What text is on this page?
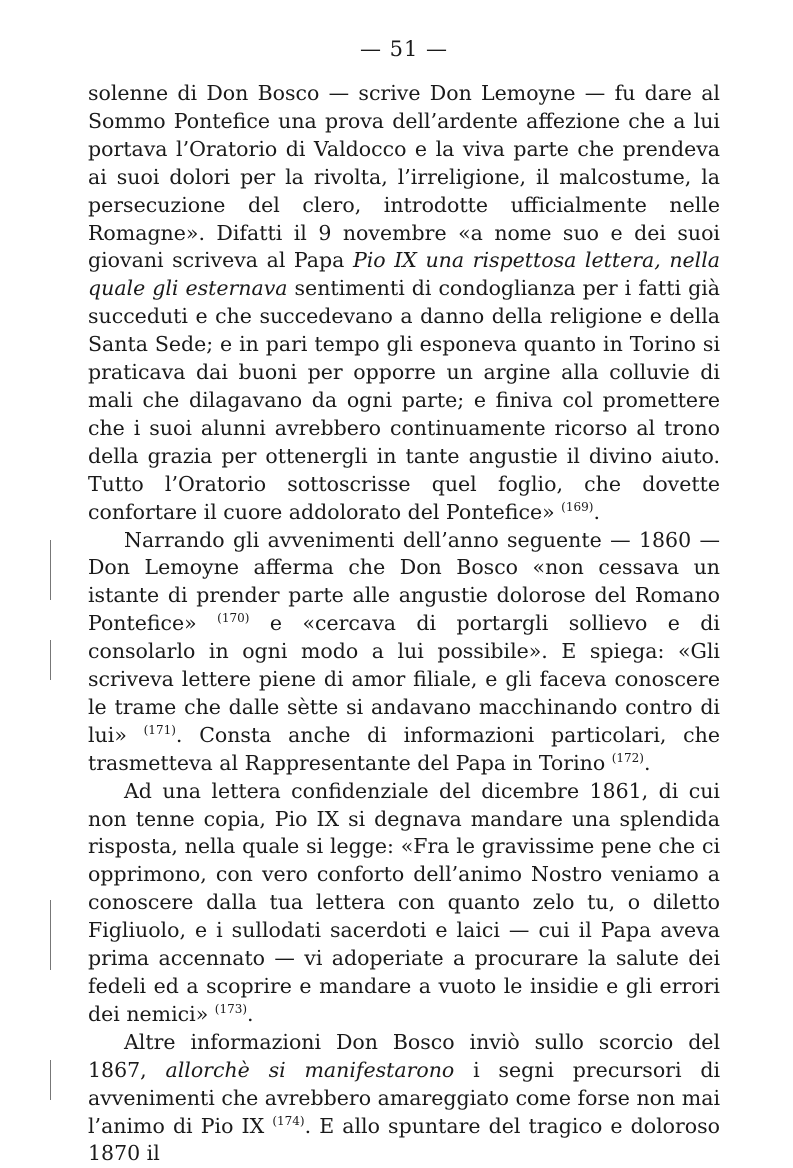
— 51 —

solenne di Don Bosco — scrive Don Lemoyne — fu dare al Sommo Pontefice una prova dell’ardente affezione che a lui portava l’Oratorio di Valdocco e la viva parte che prendeva ai suoi dolori per la rivolta, l’irreligione, il malcostume, la persecuzione del clero, introdotte ufficialmente nelle Romagne». Difatti il 9 novembre «a nome suo e dei suoi giovani scriveva al Papa Pio IX una rispettosa lettera, nella quale gli esternava sentimenti di condoglianza per i fatti già succeduti e che succedevano a danno della religione e della Santa Sede; e in pari tempo gli esponeva quanto in Torino si praticava dai buoni per opporre un argine alla colluvie di mali che dilagavano da ogni parte; e finiva col promettere che i suoi alunni avrebbero continuamente ricorso al trono della grazia per ottenergli in tante angustie il divino aiuto. Tutto l’Oratorio sottoscrisse quel foglio, che dovette confortare il cuore addolorato del Pontefice» $^{(169)}$.

Narrando gli avvenimenti dell’anno seguente — 1860 — Don Lemoyne afferma che Don Bosco «non cessava un istante di prender parte alle angustie dolorose del Romano Pontefice» $^{(170)}$ e «cercava di portargli sollievo e di consolarlo in ogni modo a lui possibile». E spiega: «Gli scriveva lettere piene di amor filiale, e gli faceva conoscere le trame che dalle sètte si andavano macchinando contro di lui» $^{(171)}$. Consta anche di informazioni particolari, che trasmetteva al Rappresentante del Papa in Torino $^{(172)}$.

Ad una lettera confidenziale del dicembre 1861, di cui non tenne copia, Pio IX si degnava mandare una splendida risposta, nella quale si legge: «Fra le gravissime pene che ci opprimono, con vero conforto dell’animo Nostro veniamo a conoscere dalla tua lettera con quanto zelo tu, o diletto Figliuolo, e i sullodati sacerdoti e laici — cui il Papa aveva prima accennato — vi adoperiate a procurare la salute dei fedeli ed a scoprire e mandare a vuoto le insidie e gli errori dei nemici» $^{(173)}$.

Altre informazioni Don Bosco inviò sullo scorcio del 1867, allorchè si manifestarono i segni precursori di avvenimenti che avrebbero amareggiato come forse non mai l’animo di Pio IX $^{(174)}$. E allo spuntare del tragico e doloroso 1870 il
